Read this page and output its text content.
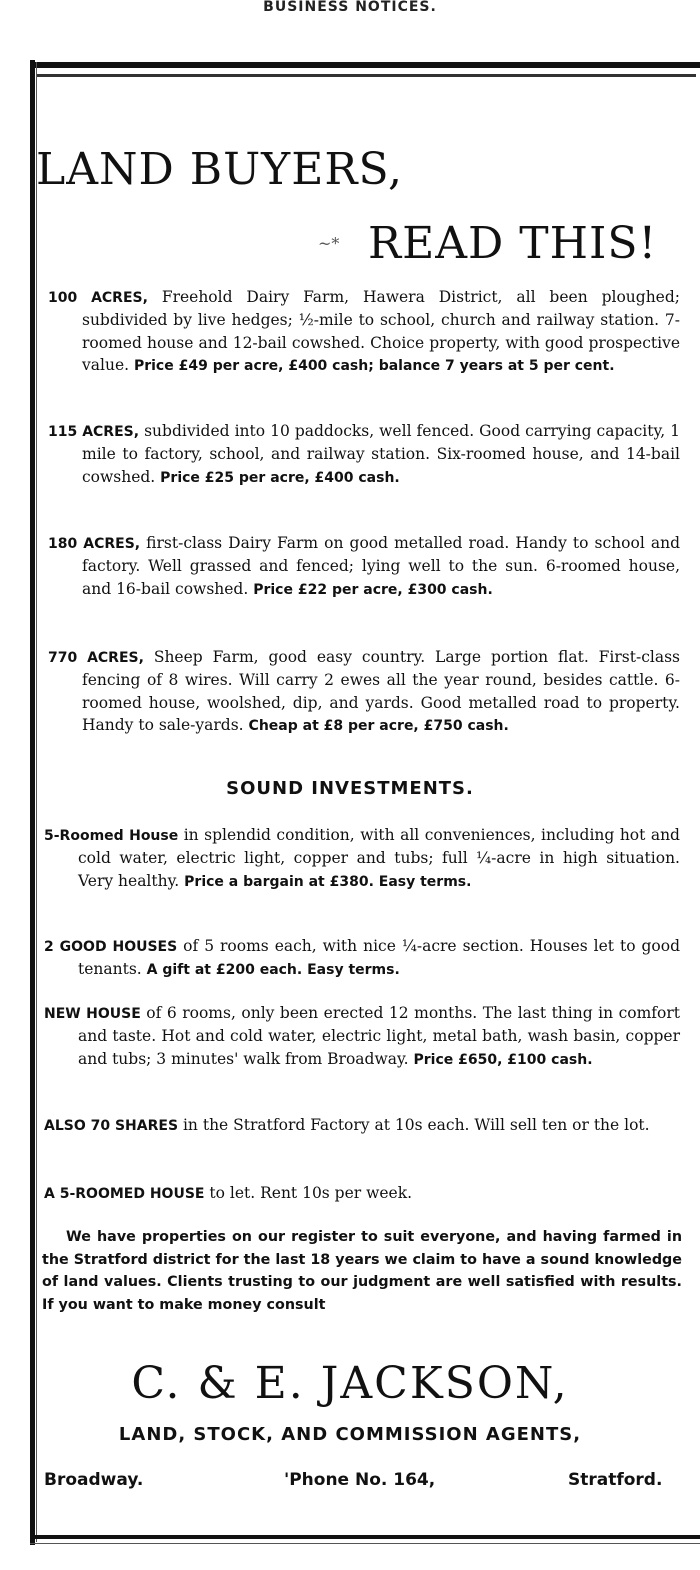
BUSINESS NOTICES.
LAND BUYERS,
~* READ THIS!
100 ACRES, Freehold Dairy Farm, Hawera District, all been ploughed; subdivided by live hedges; ½-mile to school, church and railway station. 7-roomed house and 12-bail cowshed. Choice property, with good prospective value. Price £49 per acre, £400 cash; balance 7 years at 5 per cent.
115 ACRES, subdivided into 10 paddocks, well fenced. Good carrying capacity, 1 mile to factory, school, and railway station. Six-roomed house, and 14-bail cowshed. Price £25 per acre, £400 cash.
180 ACRES, first-class Dairy Farm on good metalled road. Handy to school and factory. Well grassed and fenced; lying well to the sun. 6-roomed house, and 16-bail cowshed. Price £22 per acre, £300 cash.
770 ACRES, Sheep Farm, good easy country. Large portion flat. First-class fencing of 8 wires. Will carry 2 ewes all the year round, besides cattle. 6-roomed house, woolshed, dip, and yards. Good metalled road to property. Handy to sale-yards. Cheap at £8 per acre, £750 cash.
SOUND INVESTMENTS.
5-Roomed House in splendid condition, with all conveniences, including hot and cold water, electric light, copper and tubs; full ¼-acre in high situation. Very healthy. Price a bargain at £380. Easy terms.
2 GOOD HOUSES of 5 rooms each, with nice ¼-acre section. Houses let to good tenants. A gift at £200 each. Easy terms.
NEW HOUSE of 6 rooms, only been erected 12 months. The last thing in comfort and taste. Hot and cold water, electric light, metal bath, wash basin, copper and tubs; 3 minutes' walk from Broadway. Price £650, £100 cash.
ALSO 70 SHARES in the Stratford Factory at 10s each. Will sell ten or the lot.
A 5-ROOMED HOUSE to let. Rent 10s per week.
We have properties on our register to suit everyone, and having farmed in the Stratford district for the last 18 years we claim to have a sound knowledge of land values. Clients trusting to our judgment are well satisfied with results. If you want to make money consult
C. & E. JACKSON,
LAND, STOCK, AND COMMISSION AGENTS,
Broadway.	'Phone No. 164,	Stratford.
